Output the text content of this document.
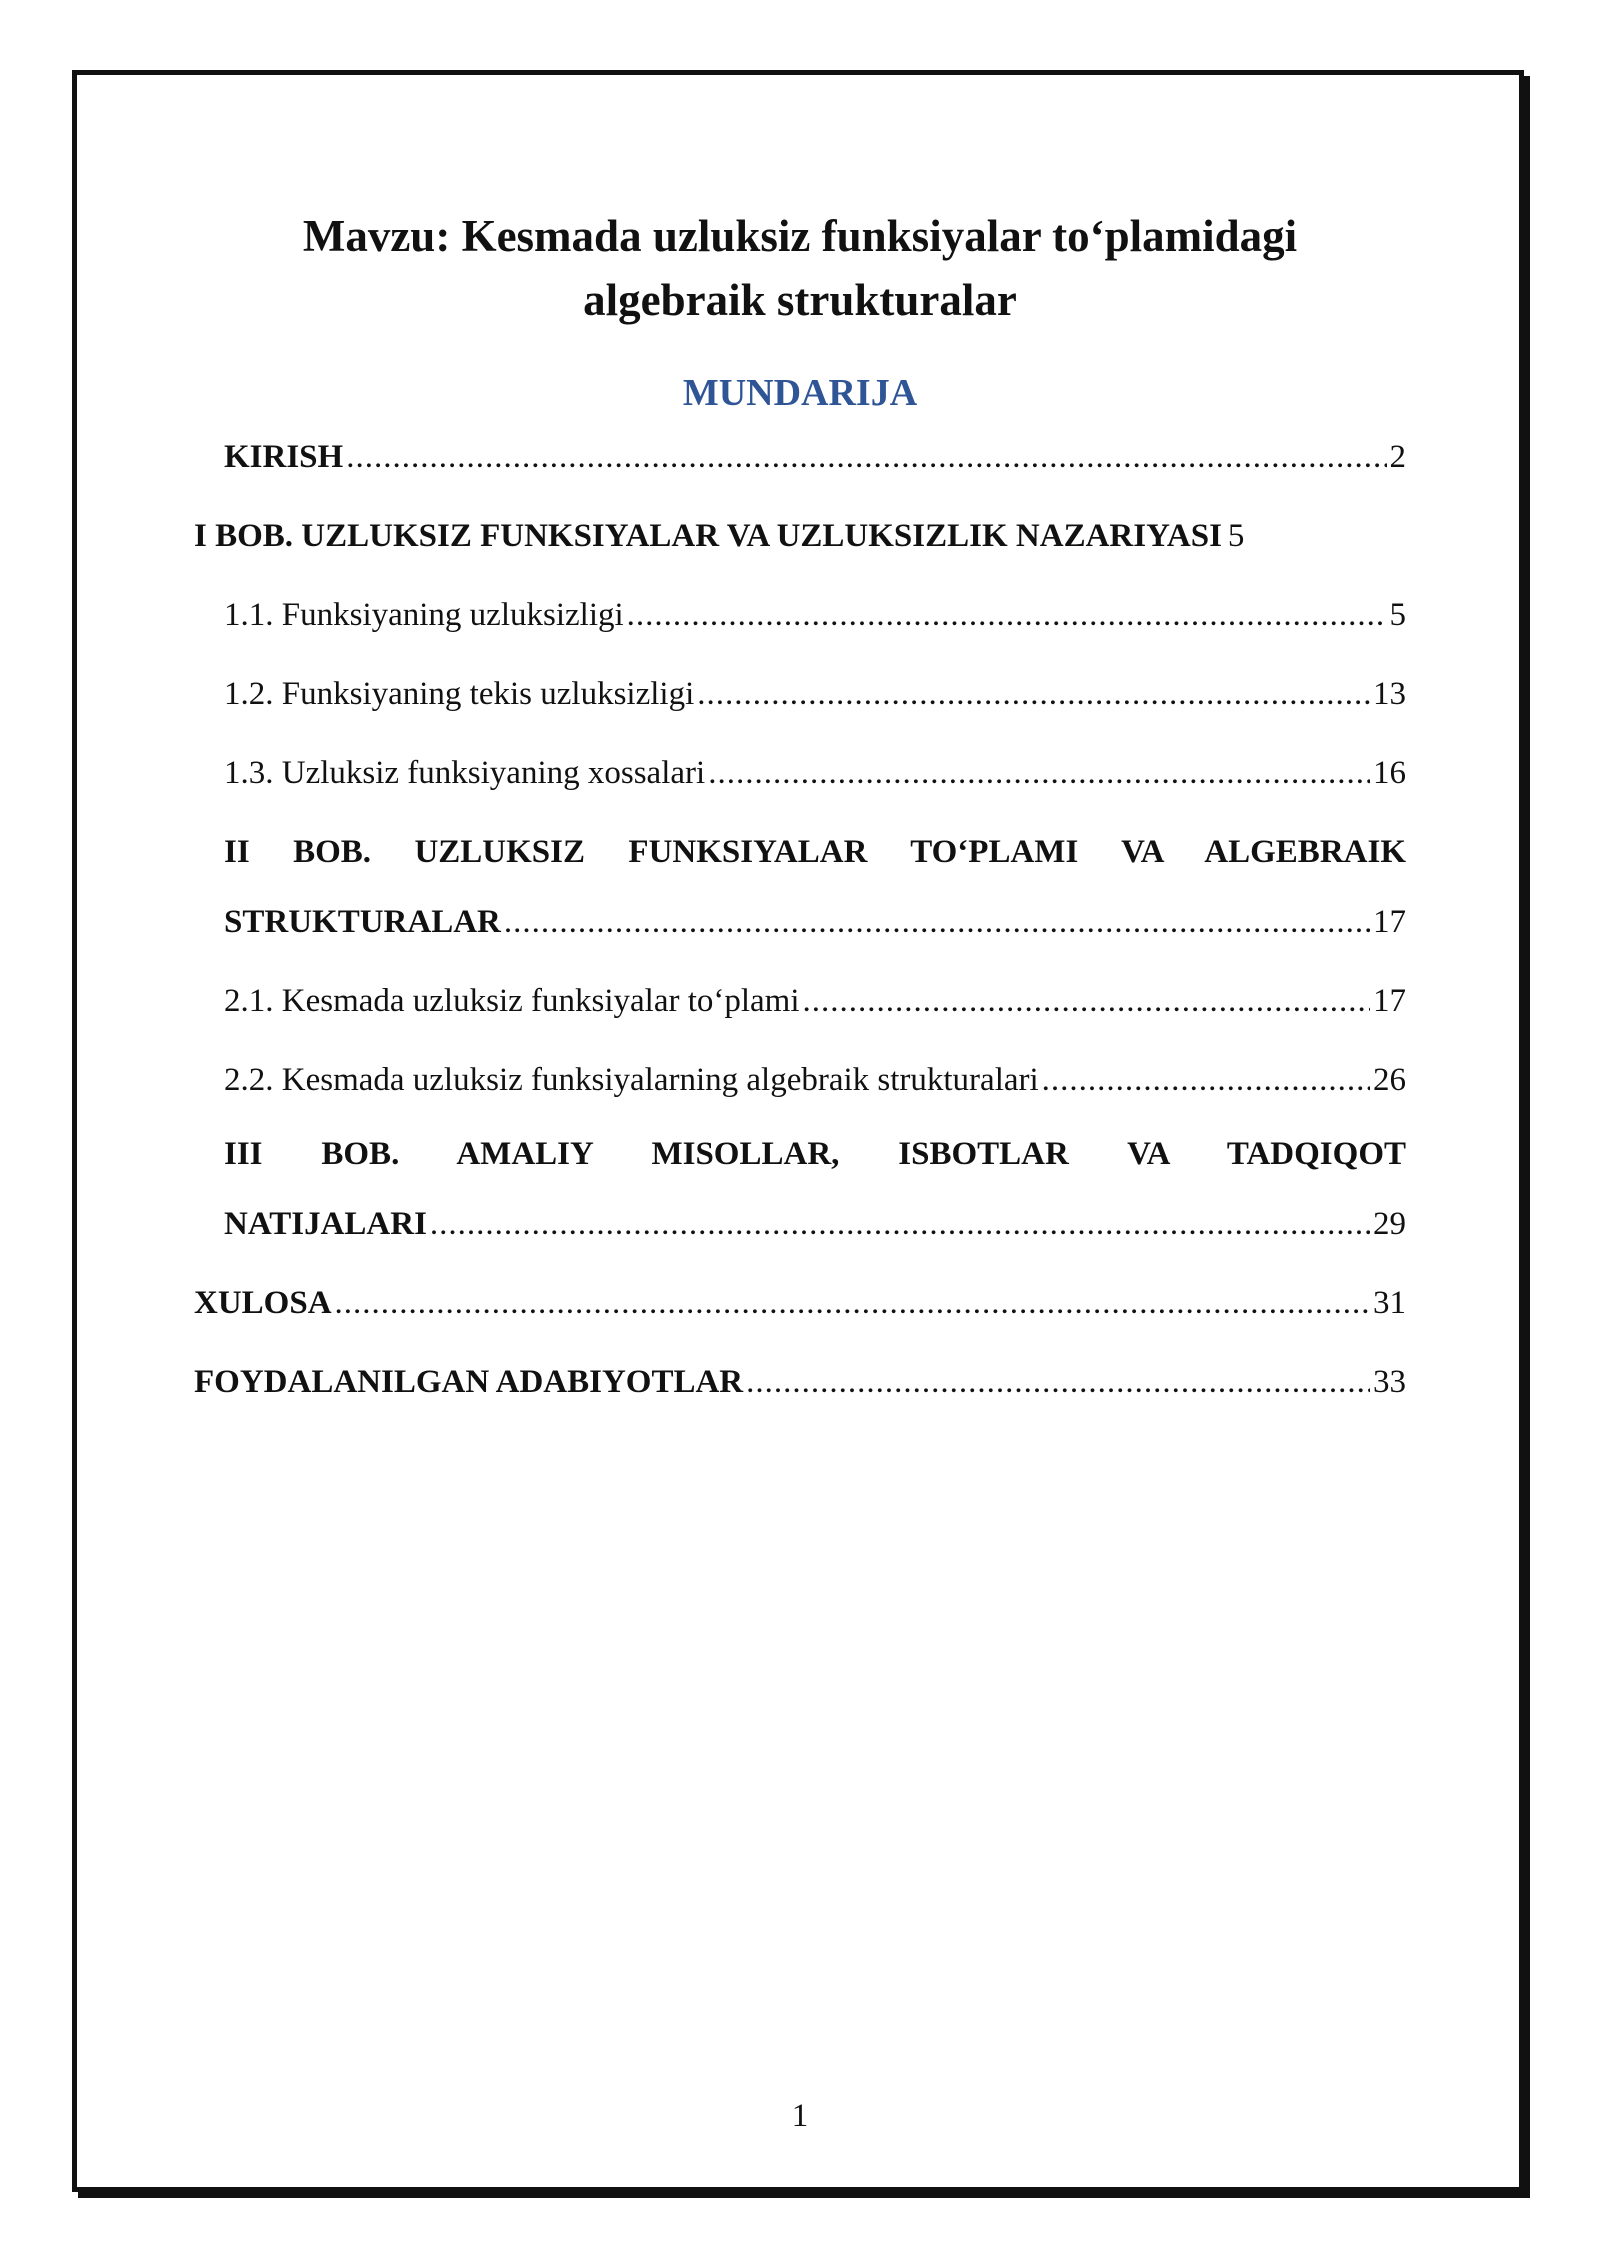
Mavzu: Kesmada uzluksiz funksiyalar to‘plamidagi
algebraik strukturalar
MUNDARIJA
KIRISH .....	2
I BOB. UZLUKSIZ FUNKSIYALAR VA UZLUKSIZLIK NAZARIYASI 5
1.1. Funksiyaning uzluksizligi .....	5
1.2. Funksiyaning tekis uzluksizligi .....	13
1.3. Uzluksiz funksiyaning xossalari .....	16
II BOB. UZLUKSIZ FUNKSIYALAR TO‘PLAMI VA ALGEBRAIK
STRUKTURALAR .....	17
2.1. Kesmada uzluksiz funksiyalar to‘plami .....	17
2.2. Kesmada uzluksiz funksiyalarning algebraik strukturalari .....	26
III BOB. AMALIY MISOLLAR, ISBOTLAR VA TADQIQOT
NATIJALARI .....	29
XULOSA .....	31
FOYDALANILGAN ADABIYOTLAR .....	33
1
